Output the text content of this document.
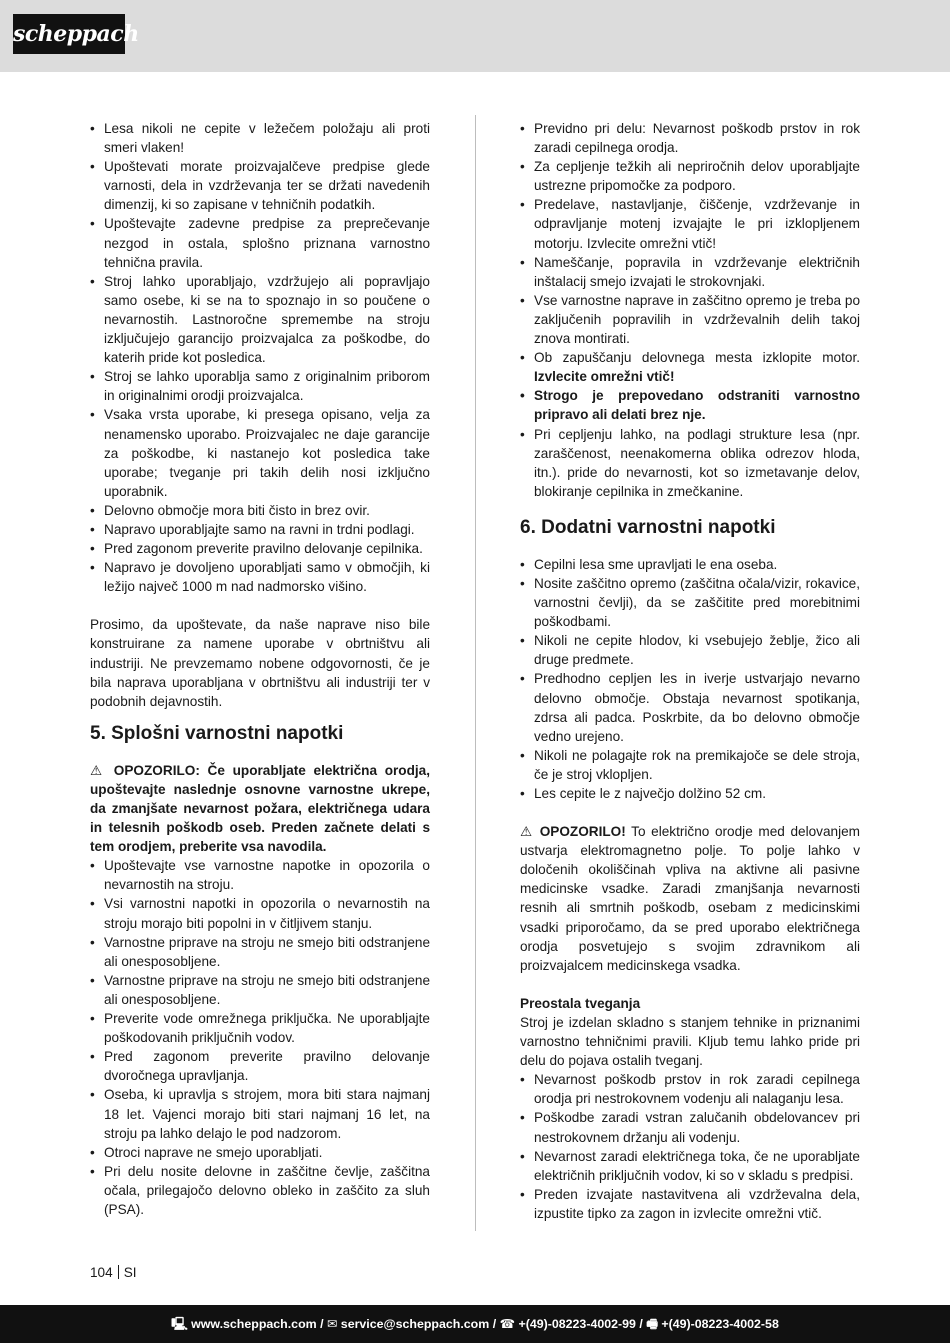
scheppach
• Lesa nikoli ne cepite v ležečem položaju ali proti smeri vlaken!
• Upoštevati morate proizvajalčeve predpise glede varnosti, dela in vzdrževanja ter se držati navedenih dimenzij, ki so zapisane v tehničnih podatkih.
• Upoštevajte zadevne predpise za preprečevanje nezgod in ostala, splošno priznana varnostno tehnična pravila.
• Stroj lahko uporabljajo, vzdržujejo ali popravljajo samo osebe, ki se na to spoznajo in so poučene o nevarnostih. Lastnoročne spremembe na stroju izključujejo garancijo proizvajalca za poškodbe, do katerih pride kot posledica.
• Stroj se lahko uporablja samo z originalnim priborom in originalnimi orodji proizvajalca.
• Vsaka vrsta uporabe, ki presega opisano, velja za nenamensko uporabo. Proizvajalec ne daje garancije za poškodbe, ki nastanejo kot posledica take uporabe; tveganje pri takih delih nosi izključno uporabnik.
• Delovno območje mora biti čisto in brez ovir.
• Napravo uporabljajte samo na ravni in trdni podlagi.
• Pred zagonom preverite pravilno delovanje cepilnika.
• Napravo je dovoljeno uporabljati samo v območjih, ki ležijo največ 1000 m nad nadmorsko višino.

Prosimo, da upoštevate, da naše naprave niso bile konstruirane za namene uporabe v obrtništvu ali industriji. Ne prevzemamo nobene odgovornosti, če je bila naprava uporabljana v obrtništvu ali industriji ter v podobnih dejavnostih.

5. Splošni varnostni napotki

⚠ OPOZORILO: Če uporabljate električna orodja, upoštevajte naslednje osnovne varnostne ukrepe, da zmanjšate nevarnost požara, električnega udara in telesnih poškodb oseb. Preden začnete delati s tem orodjem, preberite vsa navodila.

• Upoštevajte vse varnostne napotke in opozorila o nevarnostih na stroju.
• Vsi varnostni napotki in opozorila o nevarnostih na stroju morajo biti popolni in v čitljivem stanju.
• Varnostne pripravе na stroju ne smejo biti odstranjene ali onesposobljene.
• Varnostne priprave na stroju ne smejo biti odstranjene ali onesposobljene.
• Preverite vode omrežnega priključka. Ne uporabljajte poškodovanih priključnih vodov.
• Pred zagonom preverite pravilno delovanje dvoročnega upravljanja.
• Oseba, ki upravlja s strojem, mora biti stara najmanj 18 let. Vajenci morajo biti stari najmanj 16 let, na stroju pa lahko delajo le pod nadzorom.
• Otroci naprave ne smejo uporabljati.
• Pri delu nosite delovne in zaščitne čevlje, zaščitna očala, prilegajočo delovno obleko in zaščito za sluh (PSA).
• Previdno pri delu: Nevarnost poškodb prstov in rok zaradi cepilnega orodja.
• Za cepljenje težkih ali nepriročnih delov uporabljajte ustrezne pripomočke za podporo.
• Predelave, nastavljanje, čiščenje, vzdrževanje in odpravljanje motenj izvajajte le pri izklopljenem motorju. Izvlecite omrežni vtič!
• Nameščanje, popravila in vzdrževanje električnih inštalacij smejo izvajati le strokovnjaki.
• Vse varnostne naprave in zaščitno opremo je treba po zaključenih popravilih in vzdrževalnih delih takoj znova montirati.
• Ob zapuščanju delovnega mesta izklopite motor. Izvlecite omrežni vtič!
• Strogo je prepovedano odstraniti varnostno pripravo ali delati brez nje.
• Pri cepljenju lahko, na podlagi strukture lesa (npr. zaraščenost, neenakomerna oblika odrezov hloda, itn.). pride do nevarnosti, kot so izmetavanje delov, blokiranje cepilnika in zmečkanine.
6. Dodatni varnostni napotki
• Cepilni lesa sme upravljati le ena oseba.
• Nosite zaščitno opremo (zaščitna očala/vizir, rokavice, varnostni čevlji), da se zaščitite pred morebitnimi poškodbami.
• Nikoli ne cepite hlodov, ki vsebujejo žeblje, žico ali druge predmete.
• Predhodno cepljen les in iverje ustvarjajo nevarno delovno območje. Obstaja nevarnost spotikanja, zdrsa ali padca. Poskrbite, da bo delovno območje vedno urejeno.
• Nikoli ne polagajte rok na premikajoče se dele stroja, če je stroj vklopljen.
• Les cepite le z največjo dolžino 52 cm.

⚠ OPOZORILO! To električno orodje med delovanjem ustvarja elektromagnetno polje. To polje lahko v določenih okoliščinah vpliva na aktivne ali pasivne medicinske vsadke. Zaradi zmanjšanja nevarnosti resnih ali smrtnih poškodb, osebam z medicinskimi vsadki priporočamo, da se pred uporabo električnega orodja posvetujejo s svojim zdravnikom ali proizvajalcem medicinskega vsadka.

Preostala tveganja

Stroj je izdelan skladno s stanjem tehnike in priznanimi varnostno tehničnimi pravili. Kljub temu lahko pride pri delu do pojava ostalih tveganj.

• Nevarnost poškodb prstov in rok zaradi cepilnega orodja pri nestrokovnem vodenju ali nalaganju lesa.
• Poškodbe zaradi vstran zalučanih obdelovancev pri nestrokovnem držanju ali vodenju.
• Nevarnost zaradi električnega toka, če ne uporabljate električnih priključnih vodov, ki so v skladu s predpisi.
• Preden izvajate nastavitvena ali vzdrževalna dela, izpustite tipko za zagon in izvlecite omrežni vtič.
104 SI
🖳 www.scheppach.com / ✉ service@scheppach.com / ☎ +(49)-08223-4002-99 / 🖷 +(49)-08223-4002-58
